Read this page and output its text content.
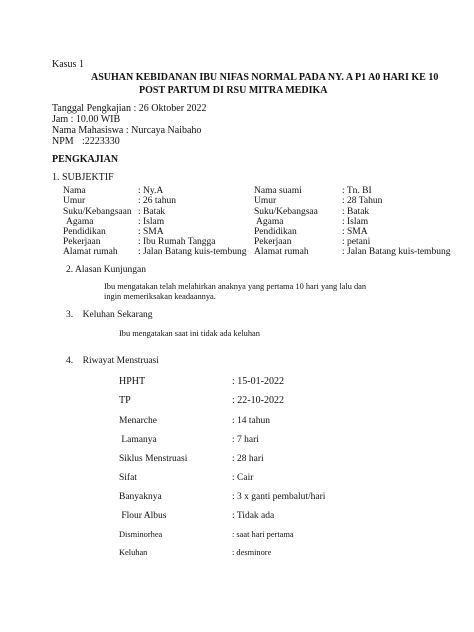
Kasus 1
ASUHAN KEBIDANAN IBU NIFAS NORMAL PADA NY. A P1 A0 HARI KE 10
POST PARTUM DI RSU MITRA MEDIKA
Tanggal Pengkajian : 26 Oktober 2022
Jam : 10.00 WIB
Nama Mahasiswa : Nurcaya Naibaho
NPM :2223330
PENGKAJIAN
1. SUBJEKTIF
Nama	: Ny.A
Umur	: 26 tahun
Suku/Kebangsaan : Batak
Agama	: Islam
Pendidikan	: SMA
Pekerjaan	: Ibu Rumah Tangga
Alamat rumah : Jalan Batang kuis-tembung
Nama suami	: Tn. BI
Umur	: 28 Tahun
Suku/Kebangsaa	: Batak
Agama	: Islam
Pendidikan	: SMA
Pekerjaan	: petani
Alamat rumah	: Jalan Batang kuis-tembung
2. Alasan Kunjungan
Ibu mengatakan telah melahirkan anaknya yang pertama 10 hari yang lalu dan
ingin memeriksakan keadaannya.
3.    Keluhan Sekarang
Ibu mengatakan saat ini tidak ada keluhan
4.    Riwayat Menstruasi
HPHT	: 15-01-2022
TP	: 22-10-2022
Menarche	: 14 tahun
Lamanya	: 7 hari
Siklus Menstruasi	: 28 hari
Sifat	: Cair
Banyaknya	: 3 x ganti pembalut/hari
Flour Albus	: Tidak ada
Disminorhea	: saat hari pertama
Keluhan	: desminore
